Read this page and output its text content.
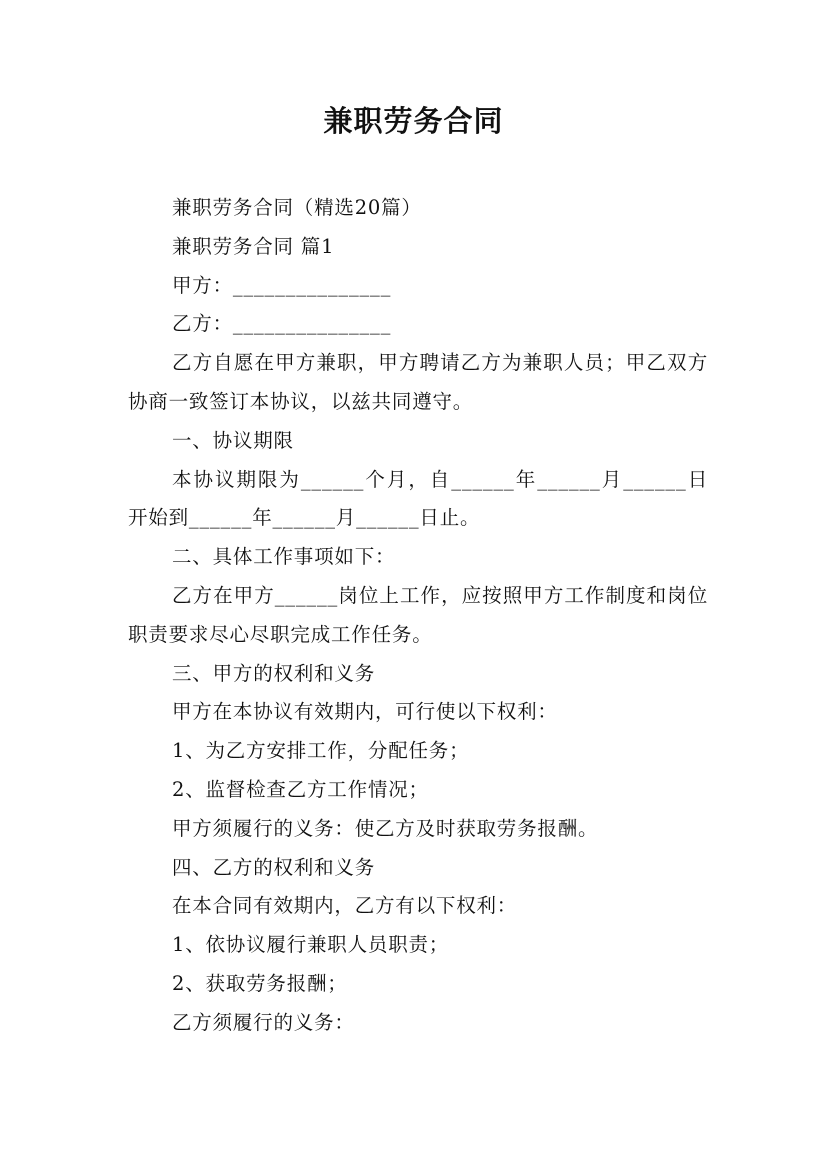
兼职劳务合同

兼职劳务合同（精选20篇）

兼职劳务合同 篇1

甲方：_______________

乙方：_______________

乙方自愿在甲方兼职，甲方聘请乙方为兼职人员；甲乙双方协商一致签订本协议，以兹共同遵守。

一、协议期限

本协议期限为______个月，自______年______月______日开始到______年______月______日止。

二、具体工作事项如下：

乙方在甲方______岗位上工作，应按照甲方工作制度和岗位职责要求尽心尽职完成工作任务。

三、甲方的权利和义务

甲方在本协议有效期内，可行使以下权利：

1、为乙方安排工作，分配任务；

2、监督检查乙方工作情况；

甲方须履行的义务：使乙方及时获取劳务报酬。

四、乙方的权利和义务

在本合同有效期内，乙方有以下权利：

1、依协议履行兼职人员职责；

2、获取劳务报酬；

乙方须履行的义务：
